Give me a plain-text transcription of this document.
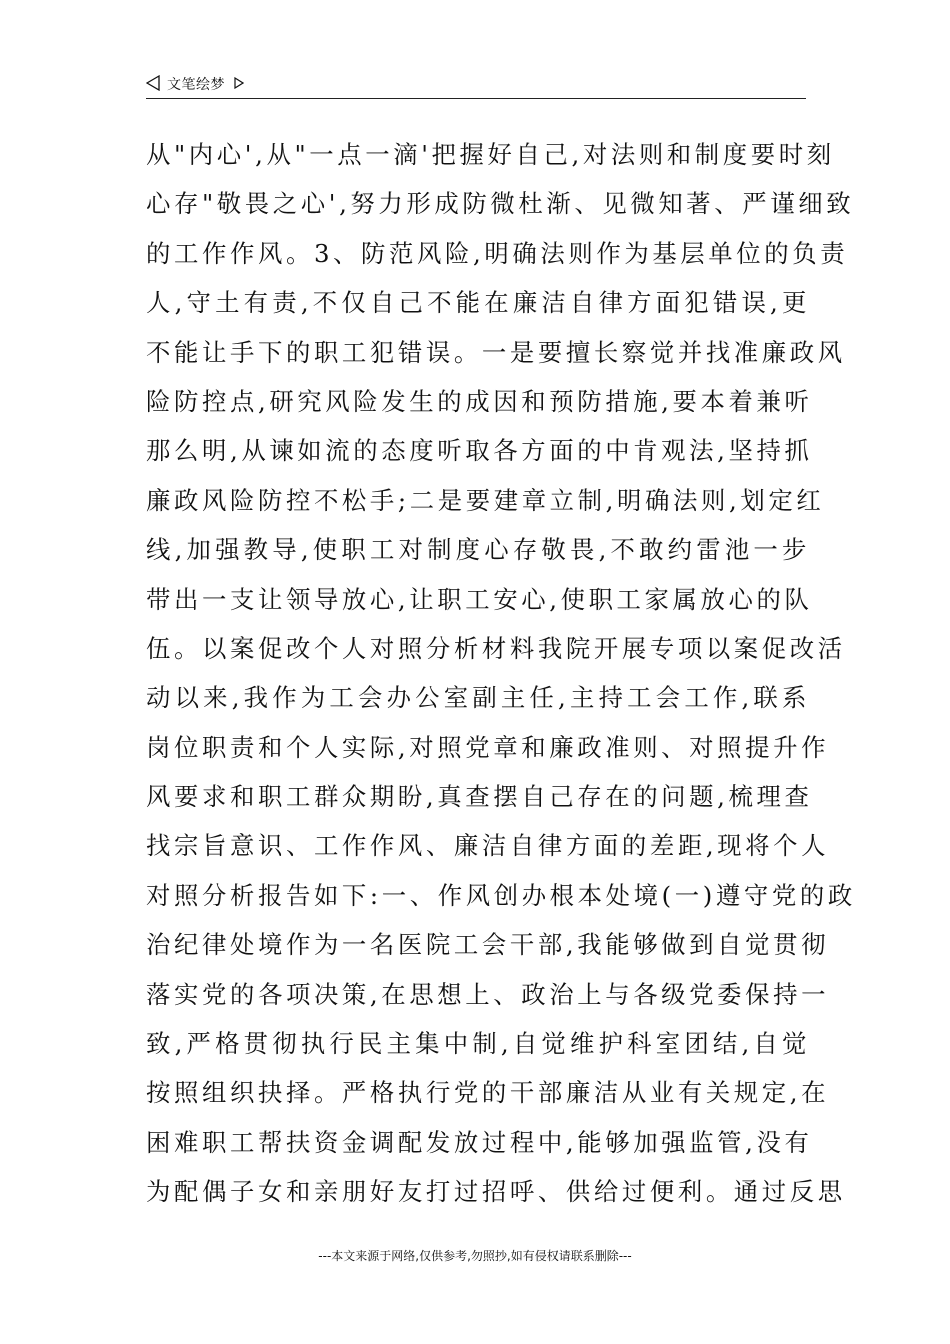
文笔绘梦
从"内心',从"一点一滴'把握好自己,对法则和制度要时刻
心存"敬畏之心',努力形成防微杜渐、见微知著、严谨细致
的工作作风。3、防范风险,明确法则作为基层单位的负责
人,守土有责,不仅自己不能在廉洁自律方面犯错误,更
不能让手下的职工犯错误。一是要擅长察觉并找准廉政风
险防控点,研究风险发生的成因和预防措施,要本着兼听
那么明,从谏如流的态度听取各方面的中肯观法,坚持抓
廉政风险防控不松手;二是要建章立制,明确法则,划定红
线,加强教导,使职工对制度心存敬畏,不敢约雷池一步
带出一支让领导放心,让职工安心,使职工家属放心的队
伍。以案促改个人对照分析材料我院开展专项以案促改活
动以来,我作为工会办公室副主任,主持工会工作,联系
岗位职责和个人实际,对照党章和廉政准则、对照提升作
风要求和职工群众期盼,真查摆自己存在的问题,梳理查
找宗旨意识、工作作风、廉洁自律方面的差距,现将个人
对照分析报告如下:一、作风创办根本处境(一)遵守党的政
治纪律处境作为一名医院工会干部,我能够做到自觉贯彻
落实党的各项决策,在思想上、政治上与各级党委保持一
致,严格贯彻执行民主集中制,自觉维护科室团结,自觉
按照组织抉择。严格执行党的干部廉洁从业有关规定,在
困难职工帮扶资金调配发放过程中,能够加强监管,没有
为配偶子女和亲朋好友打过招呼、供给过便利。通过反思
---本文来源于网络,仅供参考,勿照抄,如有侵权请联系删除---
